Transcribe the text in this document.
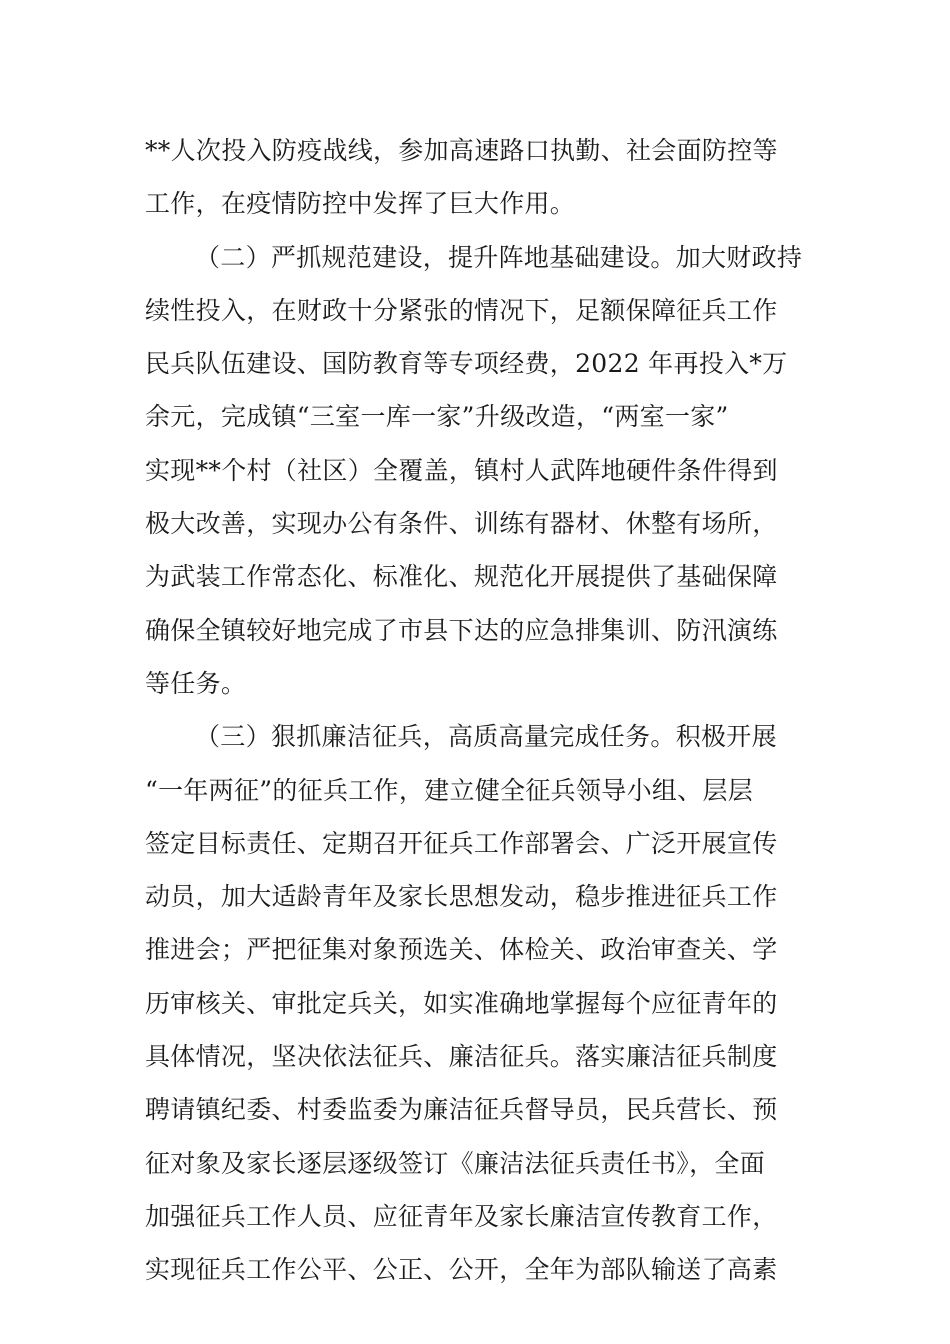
**人次投入防疫战线，参加高速路口执勤、社会面防控等
工作，在疫情防控中发挥了巨大作用。
（二）严抓规范建设，提升阵地基础建设。加大财政持
续性投入，在财政十分紧张的情况下，足额保障征兵工作
民兵队伍建设、国防教育等专项经费，2022 年再投入*万
余元，完成镇“三室一库一家”升级改造，“两室一家”
实现**个村（社区）全覆盖，镇村人武阵地硬件条件得到
极大改善，实现办公有条件、训练有器材、休整有场所，
为武装工作常态化、标准化、规范化开展提供了基础保障
确保全镇较好地完成了市县下达的应急排集训、防汛演练
等任务。
（三）狠抓廉洁征兵，高质高量完成任务。积极开展
“一年两征”的征兵工作，建立健全征兵领导小组、层层
签定目标责任、定期召开征兵工作部署会、广泛开展宣传
动员，加大适龄青年及家长思想发动，稳步推进征兵工作
推进会；严把征集对象预选关、体检关、政治审查关、学
历审核关、审批定兵关，如实准确地掌握每个应征青年的
具体情况，坚决依法征兵、廉洁征兵。落实廉洁征兵制度
聘请镇纪委、村委监委为廉洁征兵督导员，民兵营长、预
征对象及家长逐层逐级签订《廉洁法征兵责任书》，全面
加强征兵工作人员、应征青年及家长廉洁宣传教育工作，
实现征兵工作公平、公正、公开，全年为部队输送了高素
